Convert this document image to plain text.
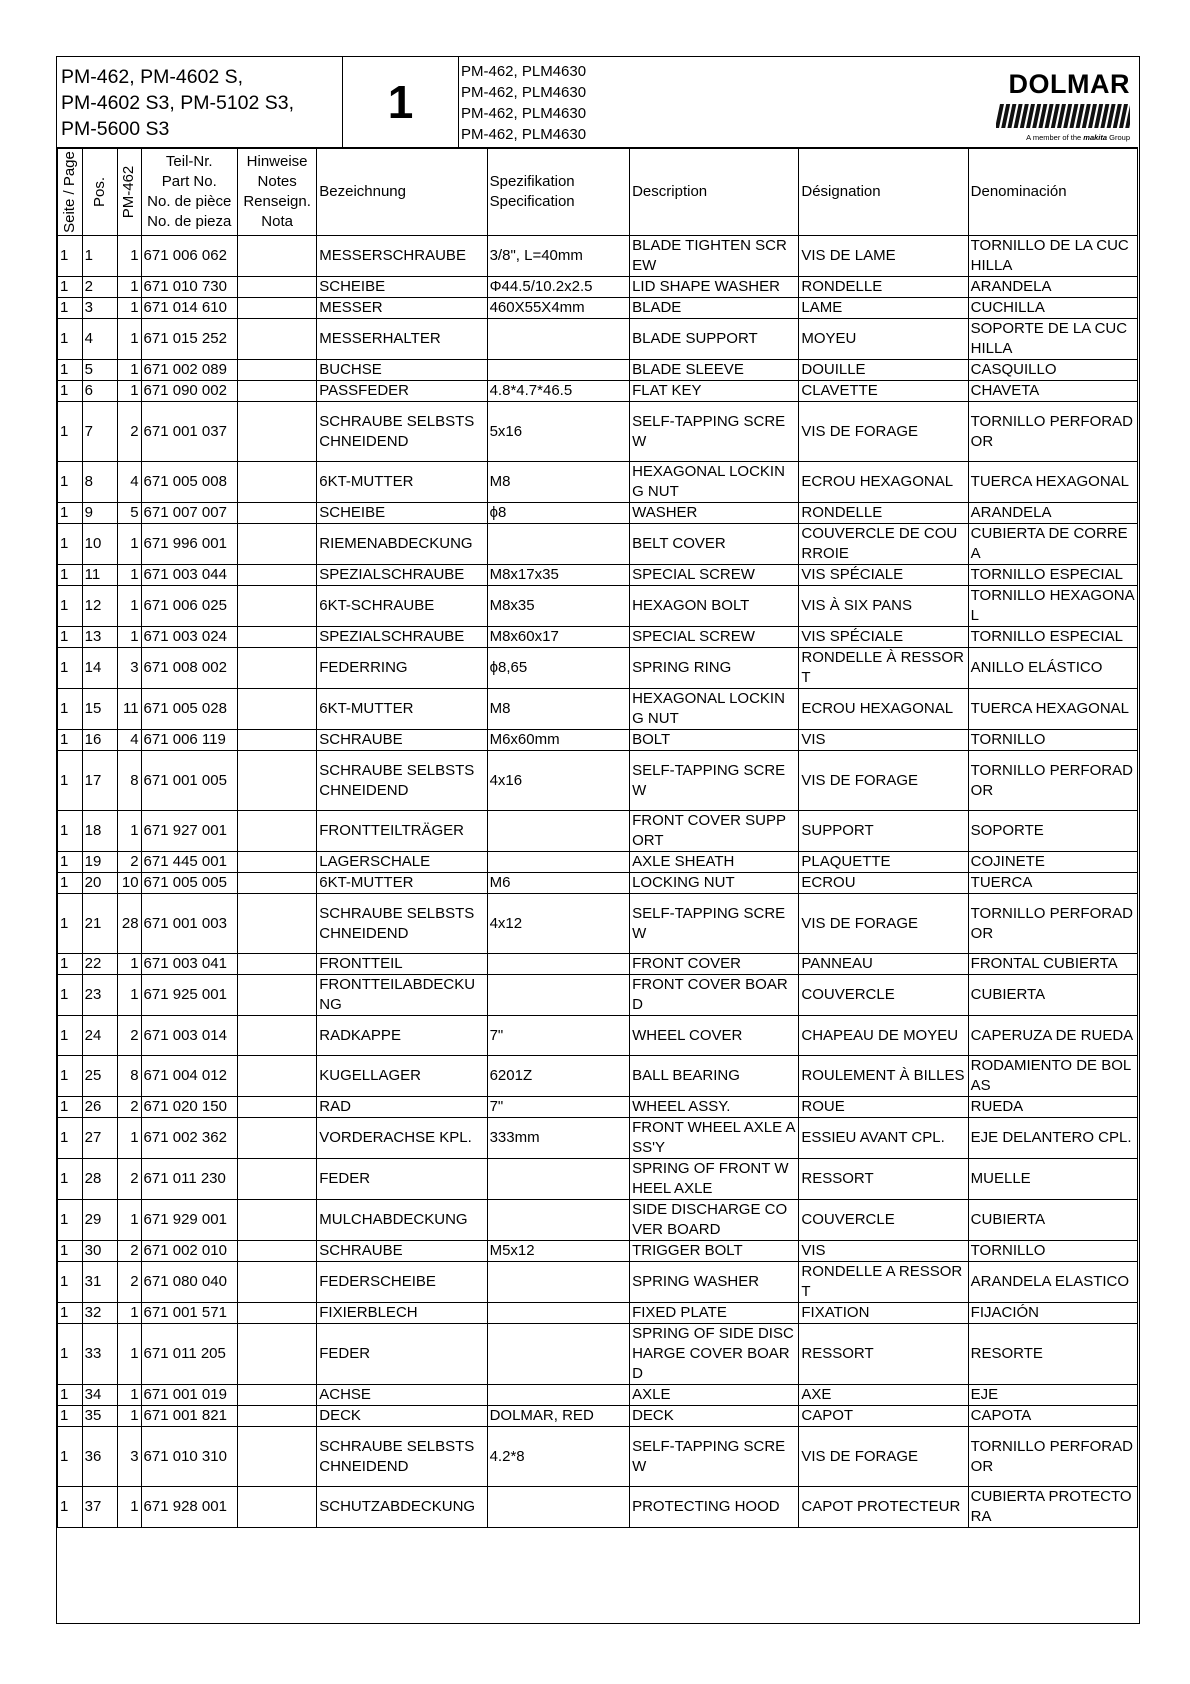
PM-462, PM-4602 S,
PM-4602 S3, PM-5102 S3,
PM-5600 S3
1
PM-462, PLM4630
PM-462, PLM4630
PM-462, PLM4630
PM-462, PLM4630
DOLMAR
A member of the makita Group
Seite / Page	Pos.	PM-462	Teil-Nr.
Part No.
No. de pièce
No. de pieza	Hinweise
Notes
Renseign.
Nota	Bezeichnung	Spezifikation
Specification	Description	Désignation	Denominación
1	1	1	671 006 062		MESSERSCHRAUBE	3/8", L=40mm	BLADE TIGHTEN SCREW	VIS DE LAME	TORNILLO DE LA CUCHILLA
1	2	1	671 010 730		SCHEIBE	Φ44.5/10.2x2.5	LID SHAPE WASHER	RONDELLE	ARANDELA
1	3	1	671 014 610		MESSER	460X55X4mm	BLADE	LAME	CUCHILLA
1	4	1	671 015 252		MESSERHALTER		BLADE SUPPORT	MOYEU	SOPORTE DE LA CUCHILLA
1	5	1	671 002 089		BUCHSE		BLADE SLEEVE	DOUILLE	CASQUILLO
1	6	1	671 090 002		PASSFEDER	4.8*4.7*46.5	FLAT KEY	CLAVETTE	CHAVETA
1	7	2	671 001 037		SCHRAUBE SELBSTSCHNEIDEND	5x16	SELF-TAPPING SCREW	VIS DE FORAGE	TORNILLO PERFORADOR
1	8	4	671 005 008		6KT-MUTTER	M8	HEXAGONAL LOCKING NUT	ECROU HEXAGONAL	TUERCA HEXAGONAL
1	9	5	671 007 007		SCHEIBE	ϕ8	WASHER	RONDELLE	ARANDELA
1	10	1	671 996 001		RIEMENABDECKUNG		BELT COVER	COUVERCLE DE COURROIE	CUBIERTA DE CORREA
1	11	1	671 003 044		SPEZIALSCHRAUBE	M8x17x35	SPECIAL SCREW	VIS SPÉCIALE	TORNILLO ESPECIAL
1	12	1	671 006 025		6KT-SCHRAUBE	M8x35	HEXAGON BOLT	VIS À SIX PANS	TORNILLO HEXAGONAL
1	13	1	671 003 024		SPEZIALSCHRAUBE	M8x60x17	SPECIAL SCREW	VIS SPÉCIALE	TORNILLO ESPECIAL
1	14	3	671 008 002		FEDERRING	ϕ8,65	SPRING RING	RONDELLE À RESSORT	ANILLO ELÁSTICO
1	15	11	671 005 028		6KT-MUTTER	M8	HEXAGONAL LOCKING NUT	ECROU HEXAGONAL	TUERCA HEXAGONAL
1	16	4	671 006 119		SCHRAUBE	M6x60mm	BOLT	VIS	TORNILLO
1	17	8	671 001 005		SCHRAUBE SELBSTSCHNEIDEND	4x16	SELF-TAPPING SCREW	VIS DE FORAGE	TORNILLO PERFORADOR
1	18	1	671 927 001		FRONTTEILTRÄGER		FRONT COVER SUPPORT	SUPPORT	SOPORTE
1	19	2	671 445 001		LAGERSCHALE		AXLE SHEATH	PLAQUETTE	COJINETE
1	20	10	671 005 005		6KT-MUTTER	M6	LOCKING NUT	ECROU	TUERCA
1	21	28	671 001 003		SCHRAUBE SELBSTSCHNEIDEND	4x12	SELF-TAPPING SCREW	VIS DE FORAGE	TORNILLO PERFORADOR
1	22	1	671 003 041		FRONTTEIL		FRONT COVER	PANNEAU	FRONTAL CUBIERTA
1	23	1	671 925 001		FRONTTEILABDECKUNG		FRONT COVER BOARD	COUVERCLE	CUBIERTA
1	24	2	671 003 014		RADKAPPE	7"	WHEEL COVER	CHAPEAU DE MOYEU	CAPERUZA DE RUEDA
1	25	8	671 004 012		KUGELLAGER	6201Z	BALL BEARING	ROULEMENT À BILLES	RODAMIENTO DE BOLAS
1	26	2	671 020 150		RAD	7"	WHEEL ASSY.	ROUE	RUEDA
1	27	1	671 002 362		VORDERACHSE KPL.	333mm	FRONT WHEEL AXLE ASS'Y	ESSIEU AVANT CPL.	EJE DELANTERO CPL.
1	28	2	671 011 230		FEDER		SPRING OF FRONT WHEEL AXLE	RESSORT	MUELLE
1	29	1	671 929 001		MULCHABDECKUNG		SIDE DISCHARGE COVER BOARD	COUVERCLE	CUBIERTA
1	30	2	671 002 010		SCHRAUBE	M5x12	TRIGGER BOLT	VIS	TORNILLO
1	31	2	671 080 040		FEDERSCHEIBE		SPRING WASHER	RONDELLE A RESSORT	ARANDELA ELASTICO
1	32	1	671 001 571		FIXIERBLECH		FIXED PLATE	FIXATION	FIJACIÓN
1	33	1	671 011 205		FEDER		SPRING OF SIDE DISCHARGE COVER BOARD	RESSORT	RESORTE
1	34	1	671 001 019		ACHSE		AXLE	AXE	EJE
1	35	1	671 001 821		DECK	DOLMAR, RED	DECK	CAPOT	CAPOTA
1	36	3	671 010 310		SCHRAUBE SELBSTSCHNEIDEND	4.2*8	SELF-TAPPING SCREW	VIS DE FORAGE	TORNILLO PERFORADOR
1	37	1	671 928 001		SCHUTZABDECKUNG		PROTECTING HOOD	CAPOT PROTECTEUR	CUBIERTA PROTECTORA
